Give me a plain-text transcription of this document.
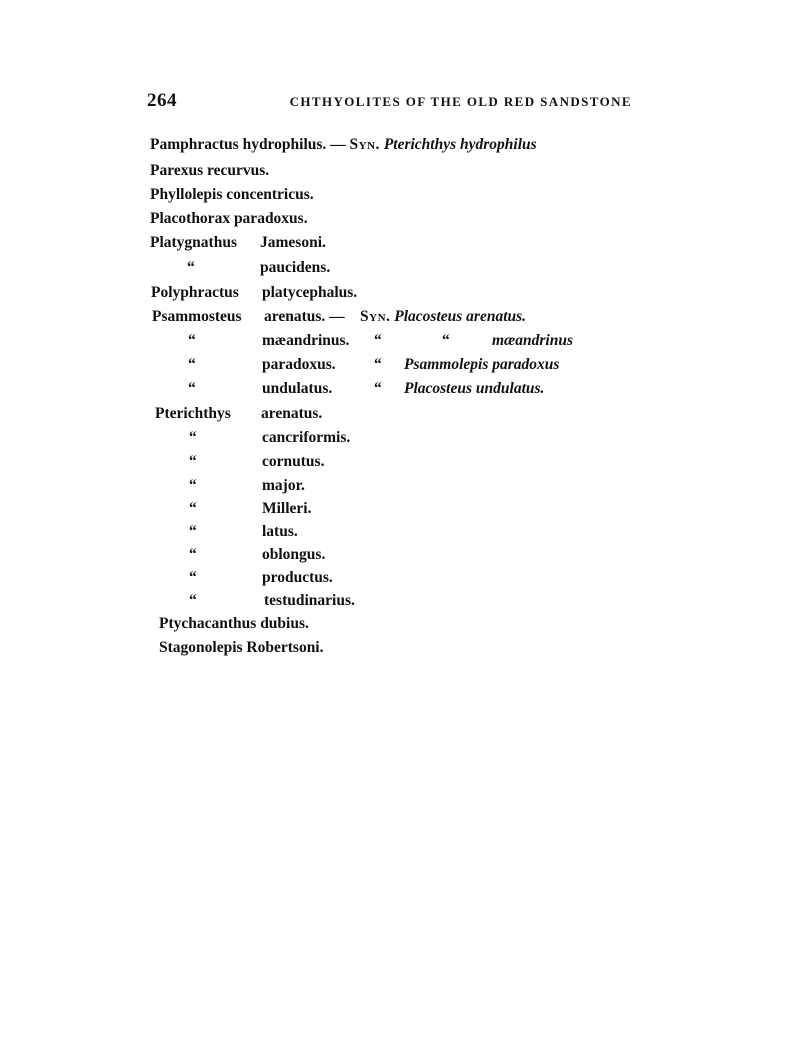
264	CHTHYOLITES OF THE OLD RED SANDSTONE
Pamphractus hydrophilus. — Syn. Pterichthys hydrophilus
Parexus recurvus.
Phyllolepis concentricus.
Placothorax paradoxus.
Platygnathus Jamesoni.
“	paucidens.
Polyphractus platycephalus.
Psammosteus arenatus. — Syn. Placosteus arenatus.
“	mæandrinus. “	“	mæandrinus
“	paradoxus. “ Psammolepis paradoxus
“	undulatus.	“ Placosteus undulatus.
Pterichthys arenatus.
“	cancriformis.
“	cornutus.
“	major.
“	Milleri.
“	latus.
“	oblongus.
“	productus.
“	testudinarius.
Ptychacanthus dubius.
Stagonolepis Robertsoni.
